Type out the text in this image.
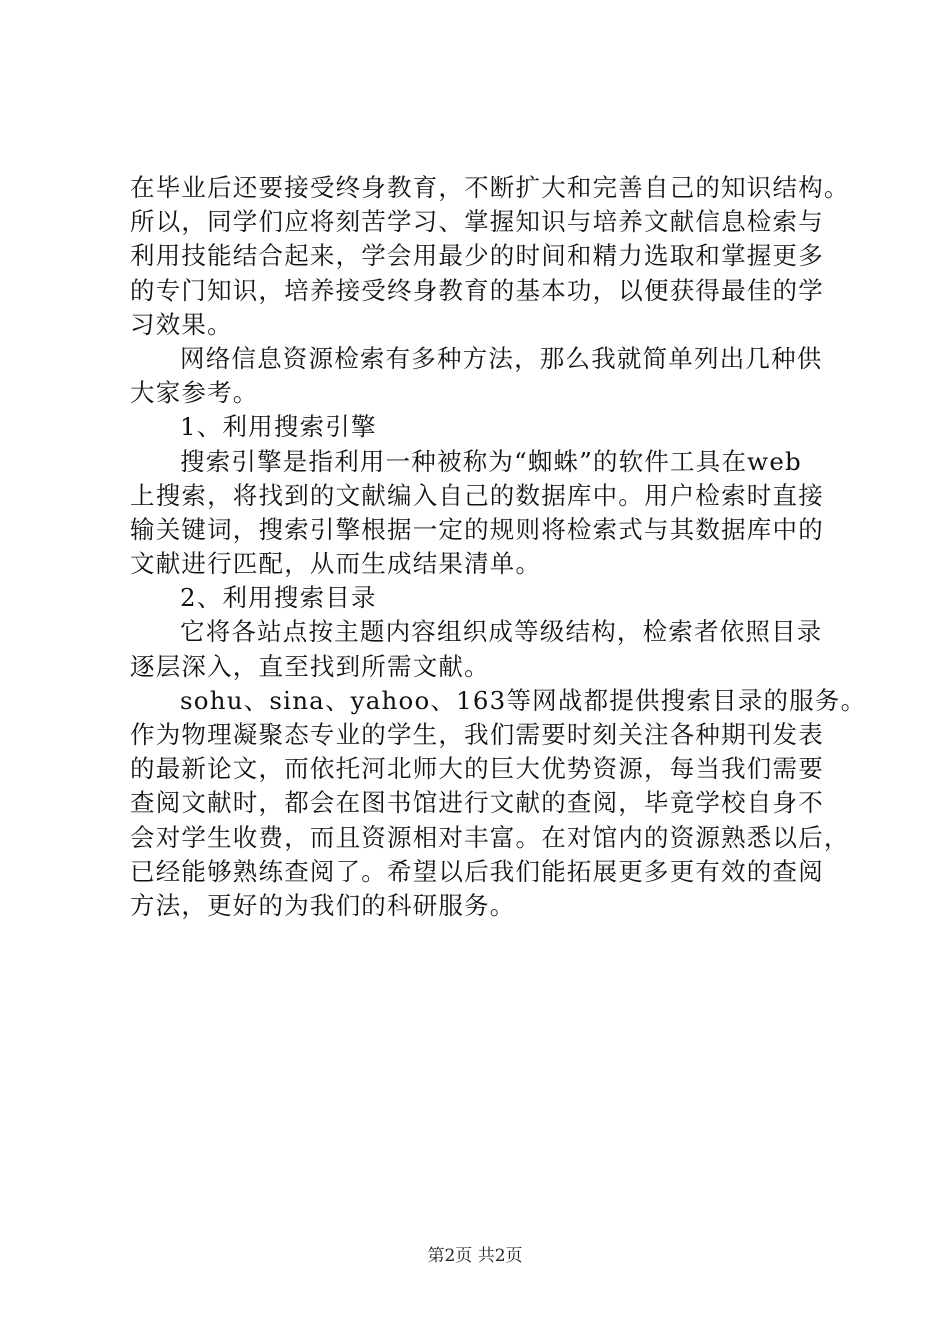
在毕业后还要接受终身教育，不断扩大和完善自己的知识结构。
所以，同学们应将刻苦学习、掌握知识与培养文献信息检索与
利用技能结合起来，学会用最少的时间和精力选取和掌握更多
的专门知识，培养接受终身教育的基本功，以便获得最佳的学
习效果。
网络信息资源检索有多种方法，那么我就简单列出几种供
大家参考。
1、利用搜索引擎
搜索引擎是指利用一种被称为“蜘蛛”的软件工具在web
上搜索，将找到的文献编入自己的数据库中。用户检索时直接
输关键词，搜索引擎根据一定的规则将检索式与其数据库中的
文献进行匹配，从而生成结果清单。
2、利用搜索目录
它将各站点按主题内容组织成等级结构，检索者依照目录
逐层深入，直至找到所需文献。
sohu、sina、yahoo、163等网战都提供搜索目录的服务。
作为物理凝聚态专业的学生，我们需要时刻关注各种期刊发表
的最新论文，而依托河北师大的巨大优势资源，每当我们需要
查阅文献时，都会在图书馆进行文献的查阅，毕竟学校自身不
会对学生收费，而且资源相对丰富。在对馆内的资源熟悉以后，
已经能够熟练查阅了。希望以后我们能拓展更多更有效的查阅
方法，更好的为我们的科研服务。
第2页 共2页
